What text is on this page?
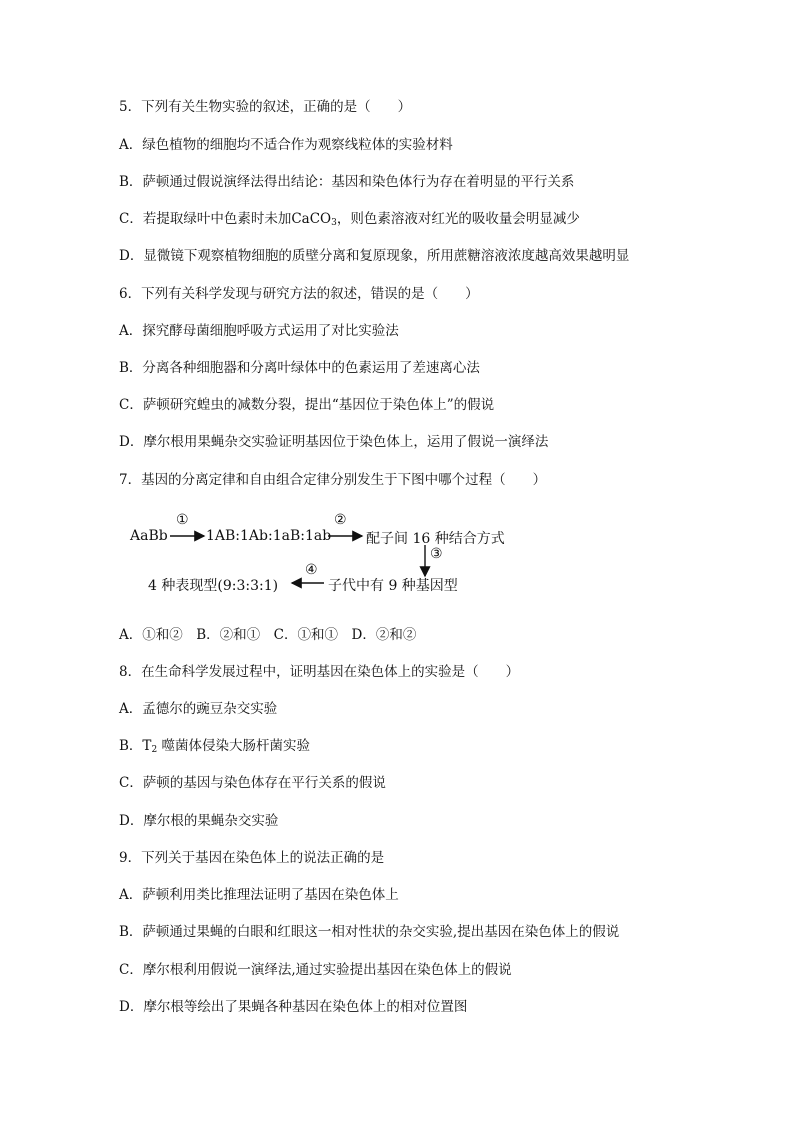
5．下列有关生物实验的叙述，正确的是（　　）
A．绿色植物的细胞均不适合作为观察线粒体的实验材料
B．萨顿通过假说演绎法得出结论：基因和染色体行为存在着明显的平行关系
C．若提取绿叶中色素时未加CaCO$_3$，则色素溶液对红光的吸收量会明显减少
D．显微镜下观察植物细胞的质壁分离和复原现象，所用蔗糖溶液浓度越高效果越明显
6．下列有关科学发现与研究方法的叙述，错误的是（　　）
A．探究酵母菌细胞呼吸方式运用了对比实验法
B．分离各种细胞器和分离叶绿体中的色素运用了差速离心法
C．萨顿研究蝗虫的减数分裂，提出“基因位于染色体上”的假说
D．摩尔根用果蝇杂交实验证明基因位于染色体上，运用了假说一演绎法
7．基因的分离定律和自由组合定律分别发生于下图中哪个过程（　　）
AaBb
①
1AB:1Ab:1aB:1ab
②
配子间 16 种结合方式
③
子代中有 9 种基因型
④
4 种表现型(9:3:3:1)
A．①和②　B．②和①　C．①和①　D．②和②
8．在生命科学发展过程中，证明基因在染色体上的实验是（　　）
A．孟德尔的豌豆杂交实验
B．$T_2$ 噬菌体侵染大肠杆菌实验
C．萨顿的基因与染色体存在平行关系的假说
D．摩尔根的果蝇杂交实验
9．下列关于基因在染色体上的说法正确的是
A．萨顿利用类比推理法证明了基因在染色体上
B．萨顿通过果蝇的白眼和红眼这一相对性状的杂交实验,提出基因在染色体上的假说
C．摩尔根利用假说一演绎法,通过实验提出基因在染色体上的假说
D．摩尔根等绘出了果蝇各种基因在染色体上的相对位置图
